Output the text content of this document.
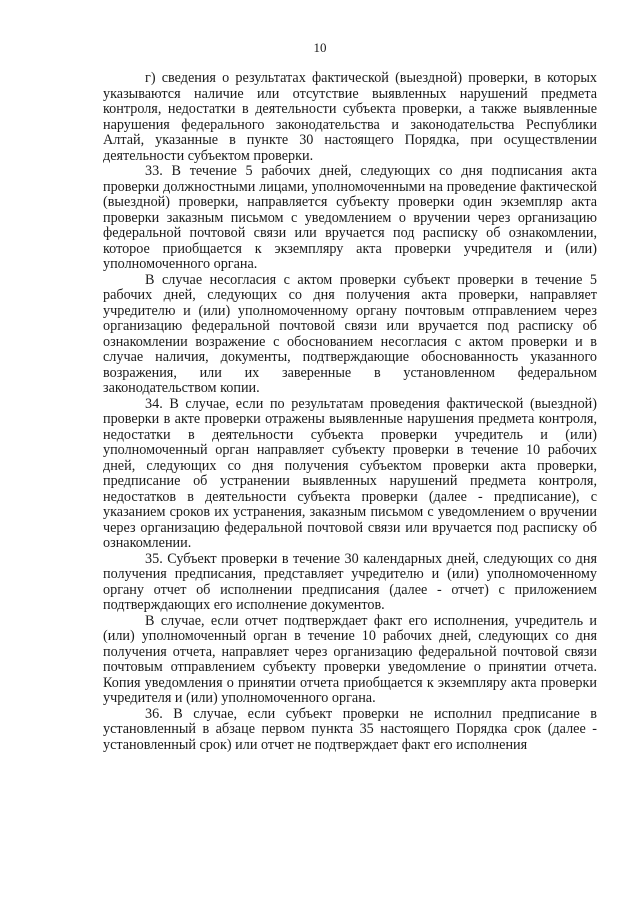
10

г) сведения о результатах фактической (выездной) проверки, в которых указываются наличие или отсутствие выявленных нарушений предмета контроля, недостатки в деятельности субъекта проверки, а также выявленные нарушения федерального законодательства и законодательства Республики Алтай, указанные в пункте 30 настоящего Порядка, при осуществлении деятельности субъектом проверки.

33. В течение 5 рабочих дней, следующих со дня подписания акта проверки должностными лицами, уполномоченными на проведение фактической (выездной) проверки, направляется субъекту проверки один экземпляр акта проверки заказным письмом с уведомлением о вручении через организацию федеральной почтовой связи или вручается под расписку об ознакомлении, которое приобщается к экземпляру акта проверки учредителя и (или) уполномоченного органа.

В случае несогласия с актом проверки субъект проверки в течение 5 рабочих дней, следующих со дня получения акта проверки, направляет учредителю и (или) уполномоченному органу почтовым отправлением через организацию федеральной почтовой связи или вручается под расписку об ознакомлении возражение с обоснованием несогласия с актом проверки и в случае наличия, документы, подтверждающие обоснованность указанного возражения, или их заверенные в установленном федеральном законодательством копии.

34. В случае, если по результатам проведения фактической (выездной) проверки в акте проверки отражены выявленные нарушения предмета контроля, недостатки в деятельности субъекта проверки учредитель и (или) уполномоченный орган направляет субъекту проверки в течение 10 рабочих дней, следующих со дня получения субъектом проверки акта проверки, предписание об устранении выявленных нарушений предмета контроля, недостатков в деятельности субъекта проверки (далее - предписание), с указанием сроков их устранения, заказным письмом с уведомлением о вручении через организацию федеральной почтовой связи или вручается под расписку об ознакомлении.

35. Субъект проверки в течение 30 календарных дней, следующих со дня получения предписания, представляет учредителю и (или) уполномоченному органу отчет об исполнении предписания (далее - отчет) с приложением подтверждающих его исполнение документов.

В случае, если отчет подтверждает факт его исполнения, учредитель и (или) уполномоченный орган в течение 10 рабочих дней, следующих со дня получения отчета, направляет через организацию федеральной почтовой связи почтовым отправлением субъекту проверки уведомление о принятии отчета. Копия уведомления о принятии отчета приобщается к экземпляру акта проверки учредителя и (или) уполномоченного органа.

36. В случае, если субъект проверки не исполнил предписание в установленный в абзаце первом пункта 35 настоящего Порядка срок (далее - установленный срок) или отчет не подтверждает факт его исполнения
